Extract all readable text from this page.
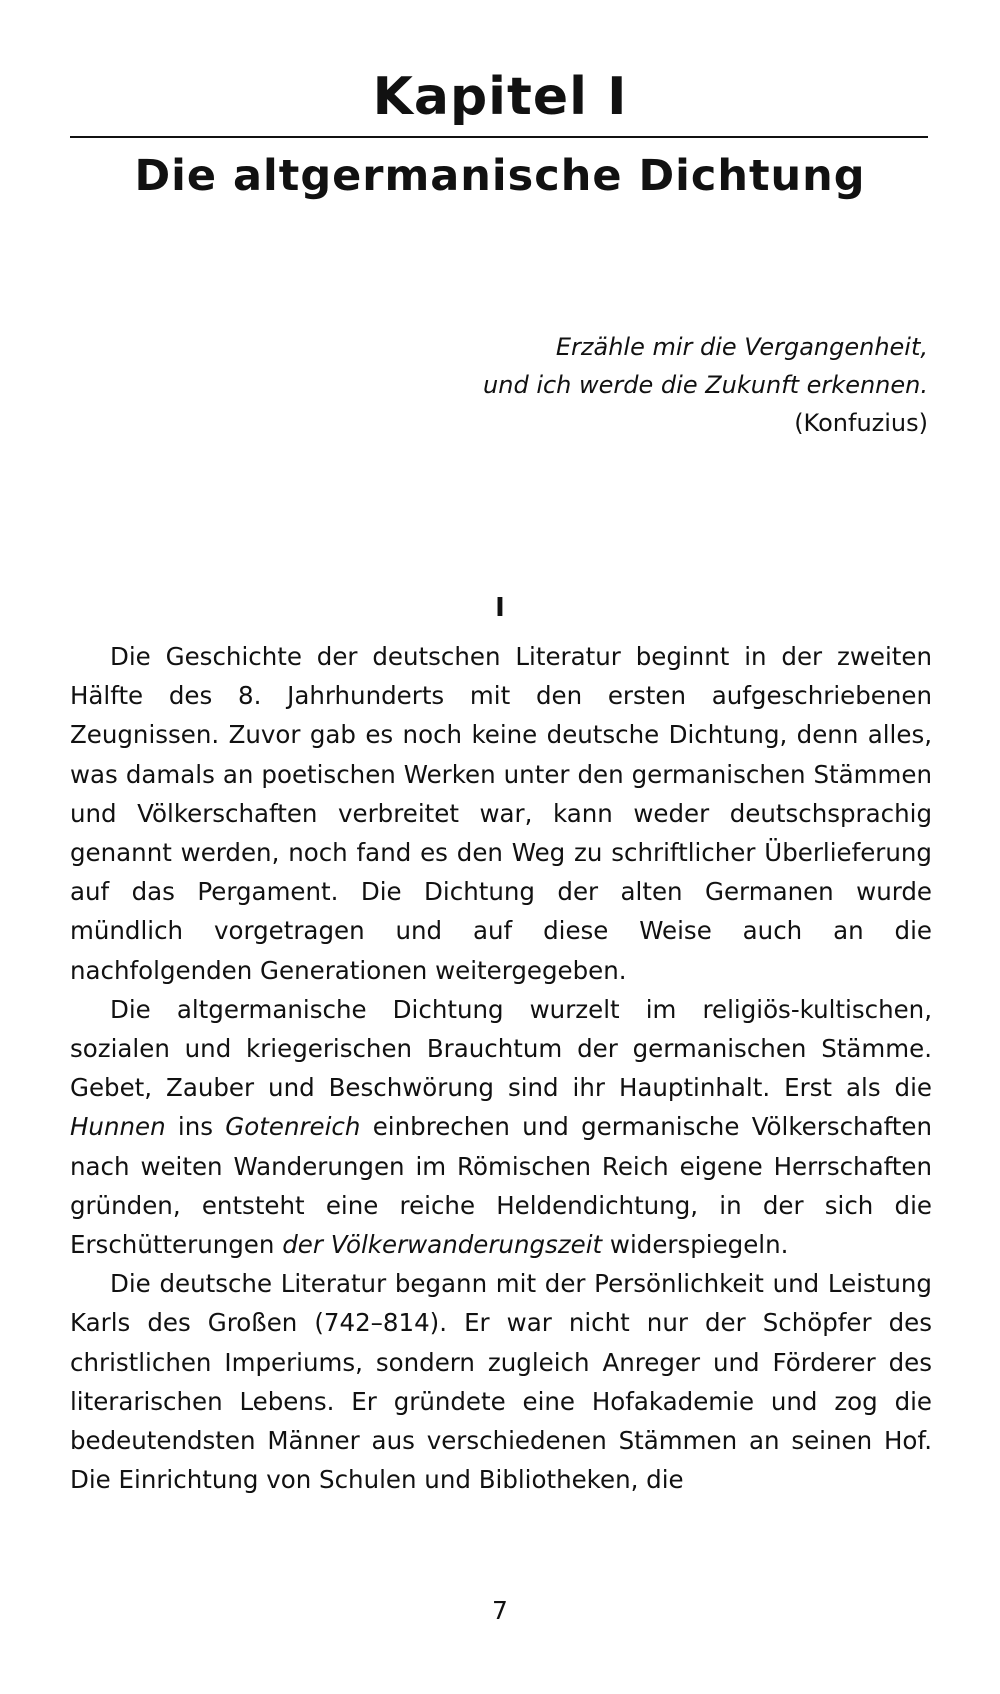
Kapitel I
Die altgermanische Dichtung
Erzähle mir die Vergangenheit,
und ich werde die Zukunft erkennen.
(Konfuzius)
I

Die Geschichte der deutschen Literatur beginnt in der zweiten Hälfte des 8. Jahrhunderts mit den ersten aufgeschriebenen Zeugnissen. Zuvor gab es noch keine deutsche Dichtung, denn alles, was damals an poetischen Werken unter den germanischen Stämmen und Völkerschaften verbreitet war, kann weder deutschsprachig genannt werden, noch fand es den Weg zu schriftlicher Überlieferung auf das Pergament. Die Dichtung der alten Germanen wurde mündlich vorgetragen und auf diese Weise auch an die nachfolgenden Generationen weitergegeben.

Die altgermanische Dichtung wurzelt im religiös-kultischen, sozialen und kriegerischen Brauchtum der germanischen Stämme. Gebet, Zauber und Beschwörung sind ihr Hauptinhalt. Erst als die Hunnen ins Gotenreich einbrechen und germanische Völkerschaften nach weiten Wanderungen im Römischen Reich eigene Herrschaften gründen, entsteht eine reiche Heldendichtung, in der sich die Erschütterungen der Völkerwanderungszeit widerspiegeln.

Die deutsche Literatur begann mit der Persönlichkeit und Leistung Karls des Großen (742–814). Er war nicht nur der Schöpfer des christlichen Imperiums, sondern zugleich Anreger und Förderer des literarischen Lebens. Er gründete eine Hofakademie und zog die bedeutendsten Männer aus verschiedenen Stämmen an seinen Hof. Die Einrichtung von Schulen und Bibliotheken, die

7
